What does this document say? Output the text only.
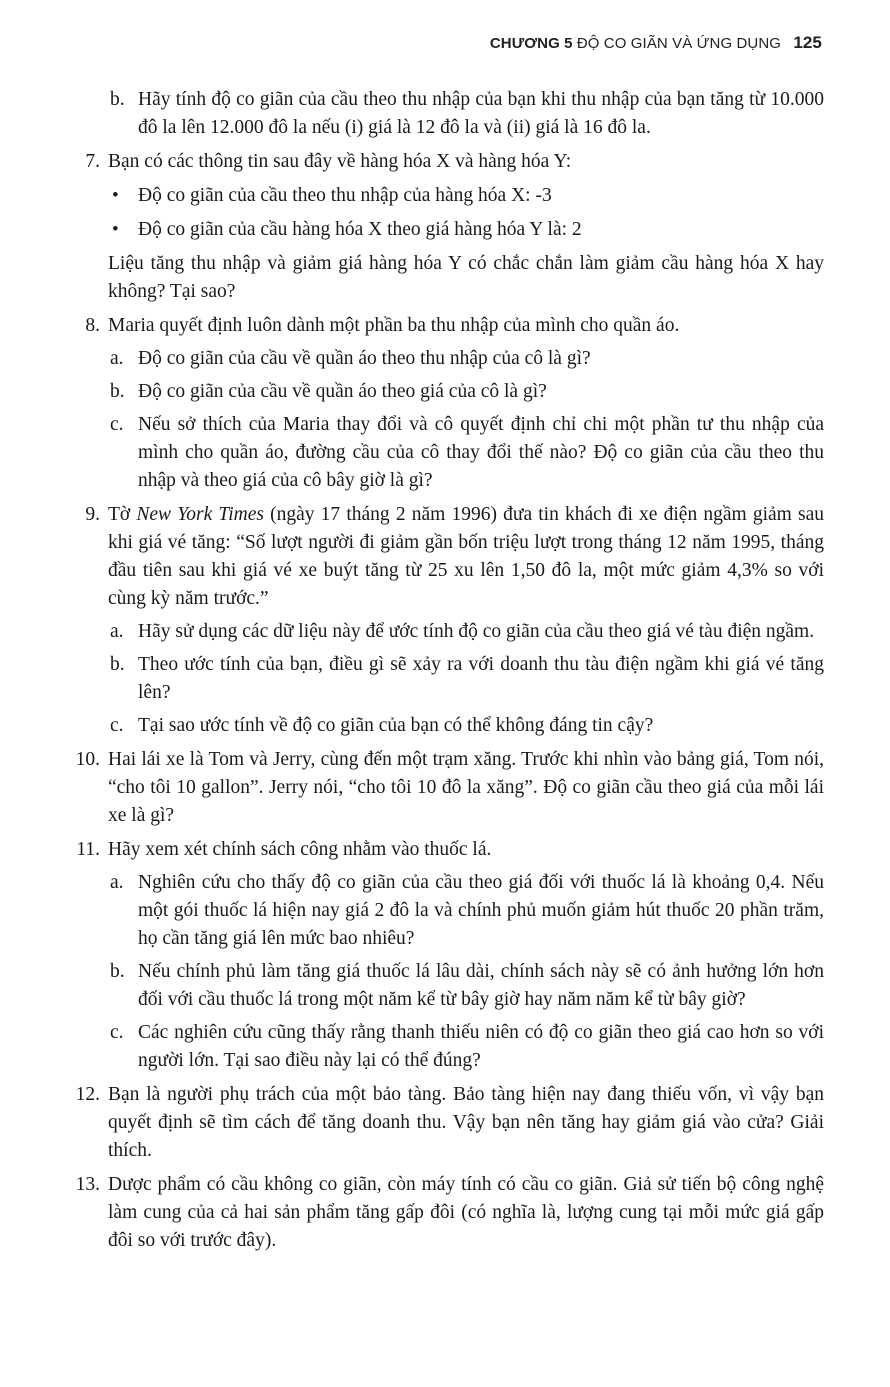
CHƯƠNG 5 ĐỘ CO GIÃN VÀ ỨNG DỤNG 125
b. Hãy tính độ co giãn của cầu theo thu nhập của bạn khi thu nhập của bạn tăng từ 10.000 đô la lên 12.000 đô la nếu (i) giá là 12 đô la và (ii) giá là 16 đô la.
7. Bạn có các thông tin sau đây về hàng hóa X và hàng hóa Y:
• Độ co giãn của cầu theo thu nhập của hàng hóa X: -3
• Độ co giãn của cầu hàng hóa X theo giá hàng hóa Y là: 2
Liệu tăng thu nhập và giảm giá hàng hóa Y có chắc chắn làm giảm cầu hàng hóa X hay không? Tại sao?
8. Maria quyết định luôn dành một phần ba thu nhập của mình cho quần áo.
a. Độ co giãn của cầu về quần áo theo thu nhập của cô là gì?
b. Độ co giãn của cầu về quần áo theo giá của cô là gì?
c. Nếu sở thích của Maria thay đổi và cô quyết định chỉ chi một phần tư thu nhập của mình cho quần áo, đường cầu của cô thay đổi thế nào? Độ co giãn của cầu theo thu nhập và theo giá của cô bây giờ là gì?
9. Tờ New York Times (ngày 17 tháng 2 năm 1996) đưa tin khách đi xe điện ngầm giảm sau khi giá vé tăng: “Số lượt người đi giảm gần bốn triệu lượt trong tháng 12 năm 1995, tháng đầu tiên sau khi giá vé xe buýt tăng từ 25 xu lên 1,50 đô la, một mức giảm 4,3% so với cùng kỳ năm trước.”
a. Hãy sử dụng các dữ liệu này để ước tính độ co giãn của cầu theo giá vé tàu điện ngầm.
b. Theo ước tính của bạn, điều gì sẽ xảy ra với doanh thu tàu điện ngầm khi giá vé tăng lên?
c. Tại sao ước tính về độ co giãn của bạn có thể không đáng tin cậy?
10. Hai lái xe là Tom và Jerry, cùng đến một trạm xăng. Trước khi nhìn vào bảng giá, Tom nói, “cho tôi 10 gallon”. Jerry nói, “cho tôi 10 đô la xăng”. Độ co giãn cầu theo giá của mỗi lái xe là gì?
11. Hãy xem xét chính sách công nhằm vào thuốc lá.
a. Nghiên cứu cho thấy độ co giãn của cầu theo giá đối với thuốc lá là khoảng 0,4. Nếu một gói thuốc lá hiện nay giá 2 đô la và chính phủ muốn giảm hút thuốc 20 phần trăm, họ cần tăng giá lên mức bao nhiêu?
b. Nếu chính phủ làm tăng giá thuốc lá lâu dài, chính sách này sẽ có ảnh hưởng lớn hơn đối với cầu thuốc lá trong một năm kể từ bây giờ hay năm năm kể từ bây giờ?
c. Các nghiên cứu cũng thấy rằng thanh thiếu niên có độ co giãn theo giá cao hơn so với người lớn. Tại sao điều này lại có thể đúng?
12. Bạn là người phụ trách của một bảo tàng. Bảo tàng hiện nay đang thiếu vốn, vì vậy bạn quyết định sẽ tìm cách để tăng doanh thu. Vậy bạn nên tăng hay giảm giá vào cửa? Giải thích.
13. Dược phẩm có cầu không co giãn, còn máy tính có cầu co giãn. Giả sử tiến bộ công nghệ làm cung của cả hai sản phẩm tăng gấp đôi (có nghĩa là, lượng cung tại mỗi mức giá gấp đôi so với trước đây).
